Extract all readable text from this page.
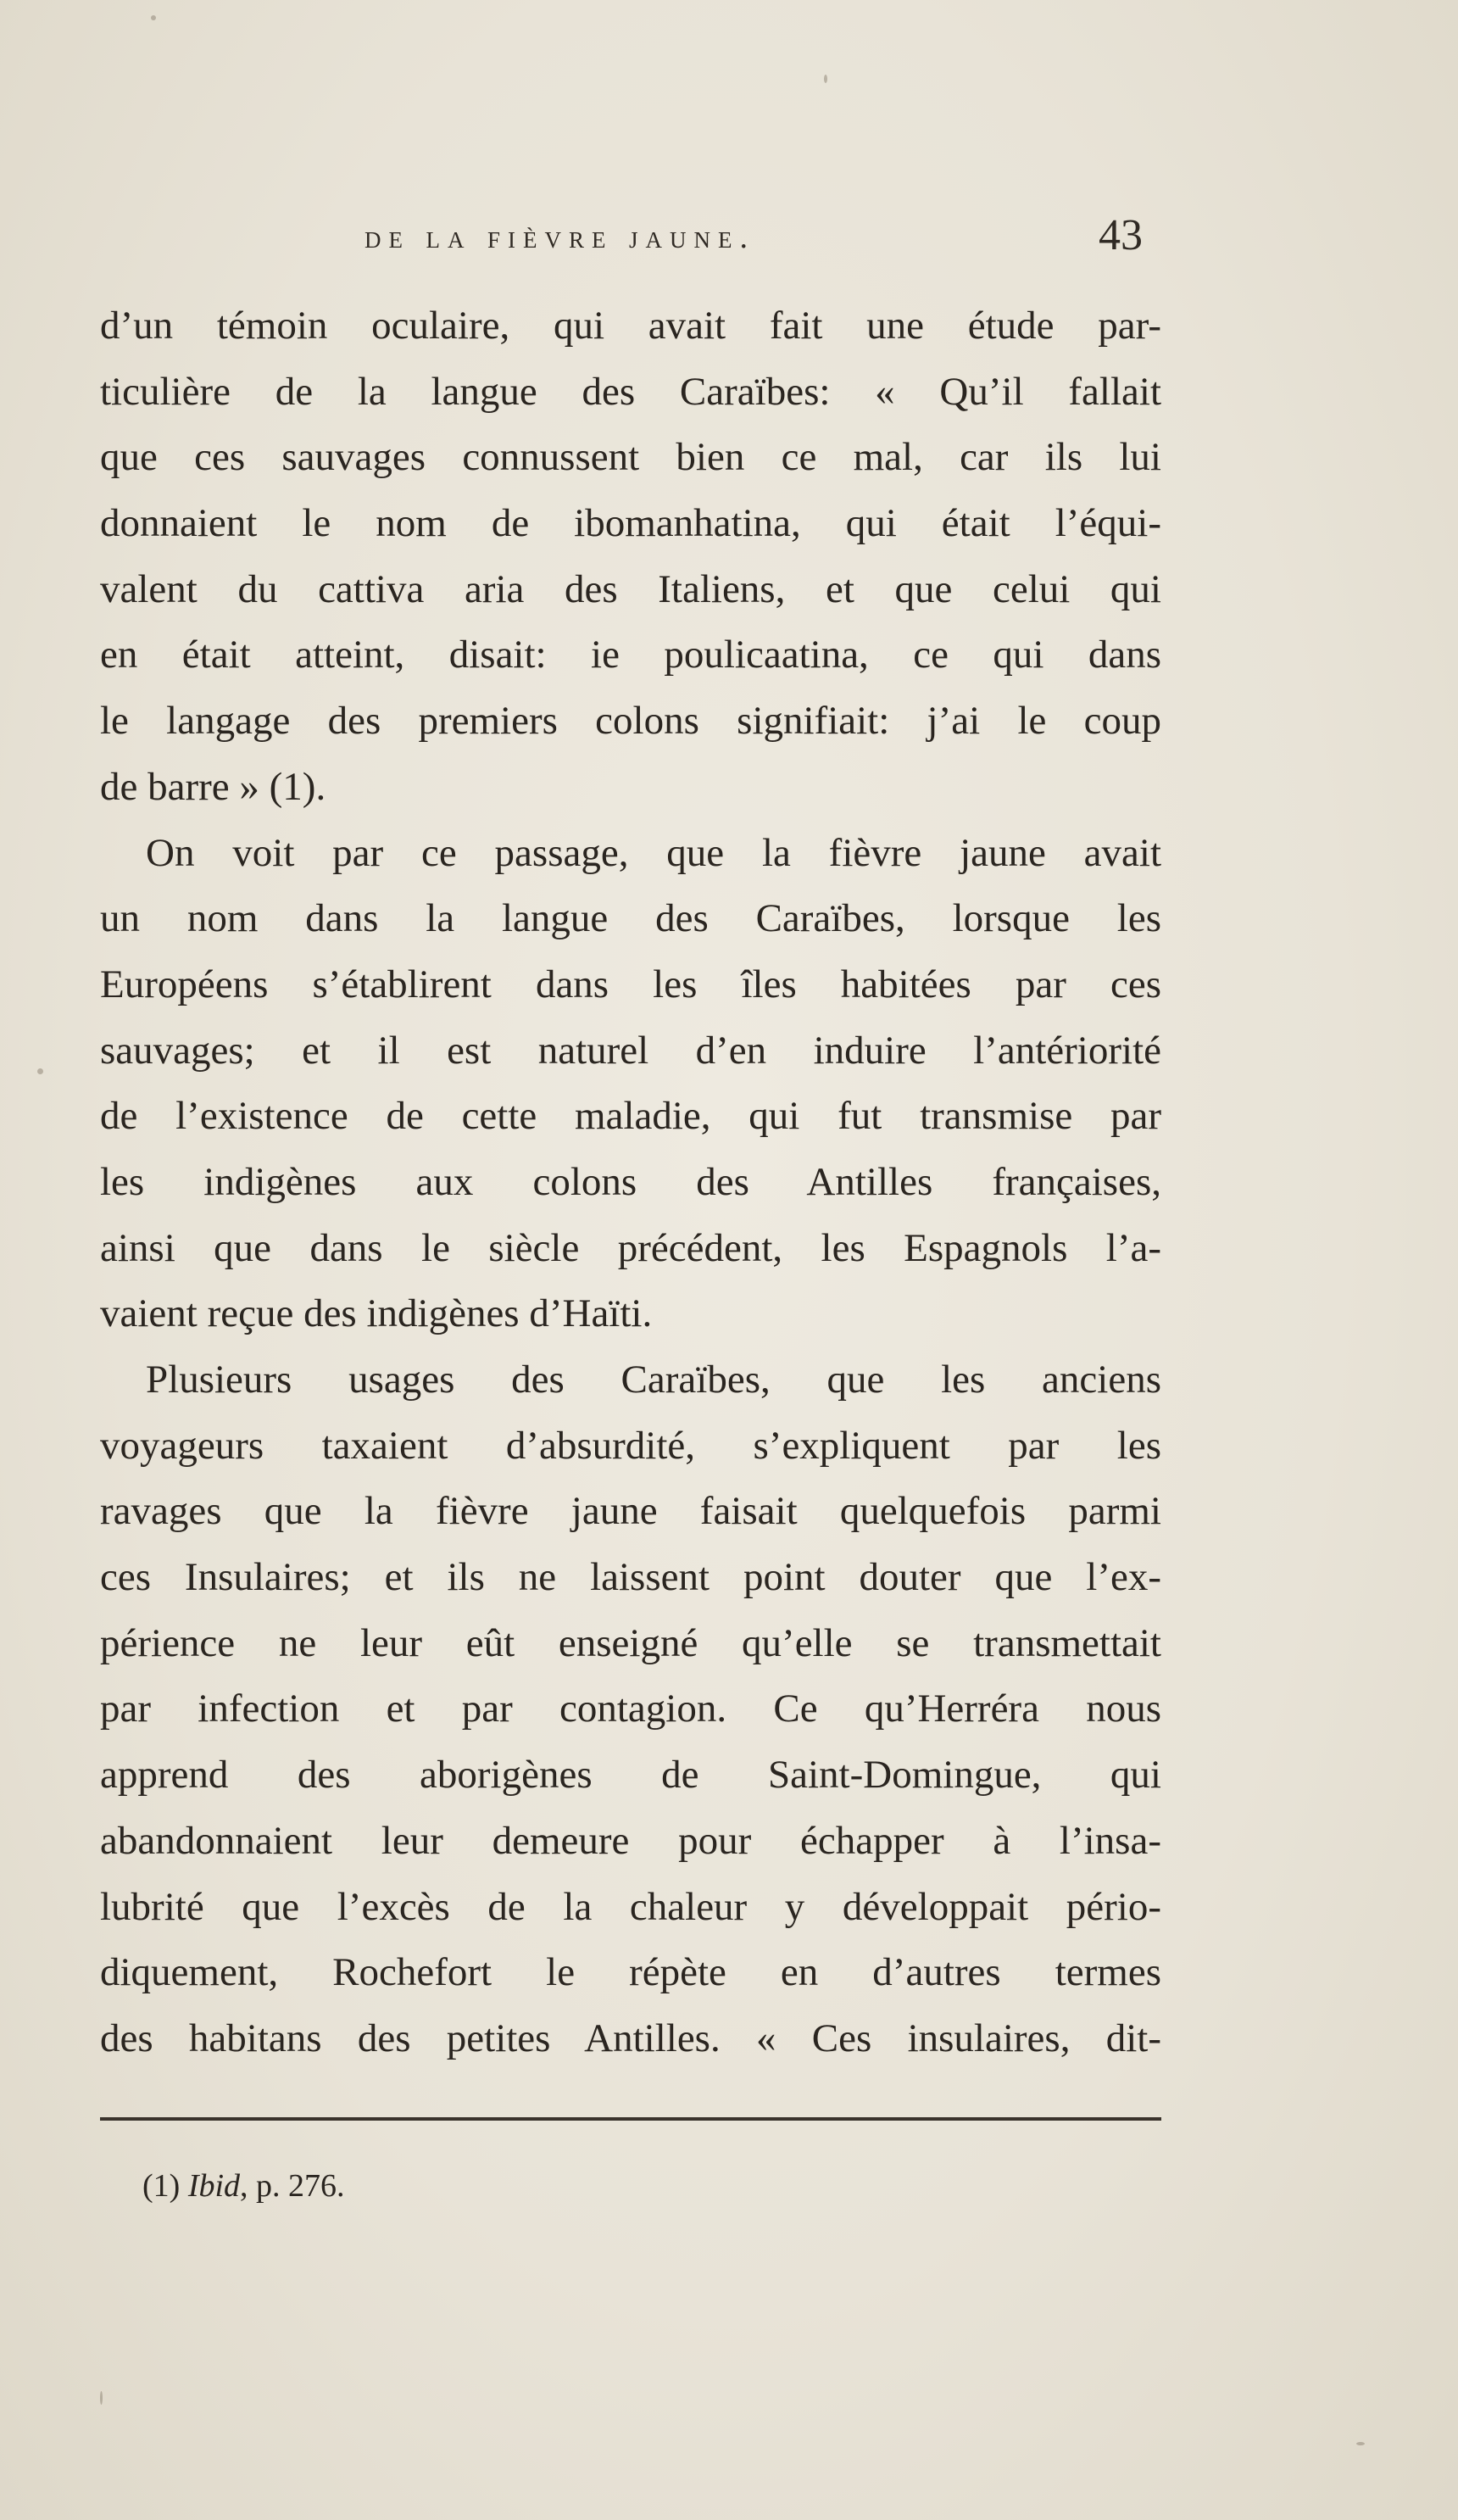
de la fièvre jaune.	43
d’un témoin oculaire, qui avait fait une étude par-
ticulière de la langue des Caraïbes: « Qu’il fallait
que ces sauvages connussent bien ce mal, car ils lui
donnaient le nom de ibomanhatina, qui était l’équi-
valent du cattiva aria des Italiens, et que celui qui
en était atteint, disait: ie poulicaatina, ce qui dans
le langage des premiers colons signifiait: j’ai le coup
de barre » (1).
On voit par ce passage, que la fièvre jaune avait
un nom dans la langue des Caraïbes, lorsque les
Européens s’établirent dans les îles habitées par ces
sauvages; et il est naturel d’en induire l’antériorité
de l’existence de cette maladie, qui fut transmise par
les indigènes aux colons des Antilles françaises,
ainsi que dans le siècle précédent, les Espagnols l’a-
vaient reçue des indigènes d’Haïti.
Plusieurs usages des Caraïbes, que les anciens
voyageurs taxaient d’absurdité, s’expliquent par les
ravages que la fièvre jaune faisait quelquefois parmi
ces Insulaires; et ils ne laissent point douter que l’ex-
périence ne leur eût enseigné qu’elle se transmettait
par infection et par contagion. Ce qu’Herréra nous
apprend des aborigènes de Saint-Domingue, qui
abandonnaient leur demeure pour échapper à l’insa-
lubrité que l’excès de la chaleur y développait pério-
diquement, Rochefort le répète en d’autres termes
des habitans des petites Antilles. « Ces insulaires, dit-
(1) Ibid, p. 276.
